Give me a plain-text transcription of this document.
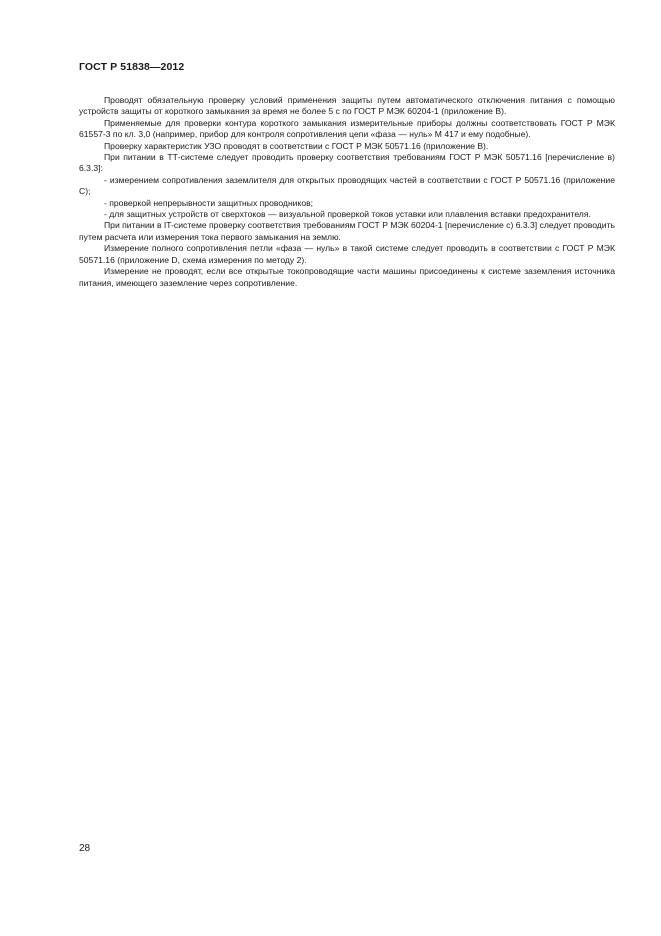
ГОСТ Р 51838—2012

Проводят обязательную проверку условий применения защиты путем автоматического отключения питания с помощью устройств защиты от короткого замыкания за время не более 5 с по ГОСТ Р МЭК 60204-1 (приложение B).

Применяемые для проверки контура короткого замыкания измерительные приборы должны соответствовать ГОСТ Р МЭК 61557-3 по кл. 3,0 (например, прибор для контроля сопротивления цепи «фаза — нуль» М 417 и ему подобные).

Проверку характеристик УЗО проводят в соответствии с ГОСТ Р МЭК 50571.16 (приложение B).

При питании в ТТ-системе следует проводить проверку соответствия требованиям ГОСТ Р МЭК 50571.16 [перечисление в) 6.3.3]:

- измерением сопротивления заземлителя для открытых проводящих частей в соответствии с ГОСТ Р 50571.16 (приложение C);

- проверкой непрерывности защитных проводников;

- для защитных устройств от сверхтоков — визуальной проверкой токов уставки или плавления вставки предохранителя.

При питании в IT-системе проверку соответствия требованиям ГОСТ Р МЭК 60204-1 [перечисление с) 6.3.3] следует проводить путем расчета или измерения тока первого замыкания на землю.

Измерение полного сопротивления петли «фаза — нуль» в такой системе следует проводить в соответствии с ГОСТ Р МЭК 50571.16 (приложение D, схема измерения по методу 2).

Измерение не проводят, если все открытые токопроводящие части машины присоединены к системе заземления источника питания, имеющего заземление через сопротивление.

28
